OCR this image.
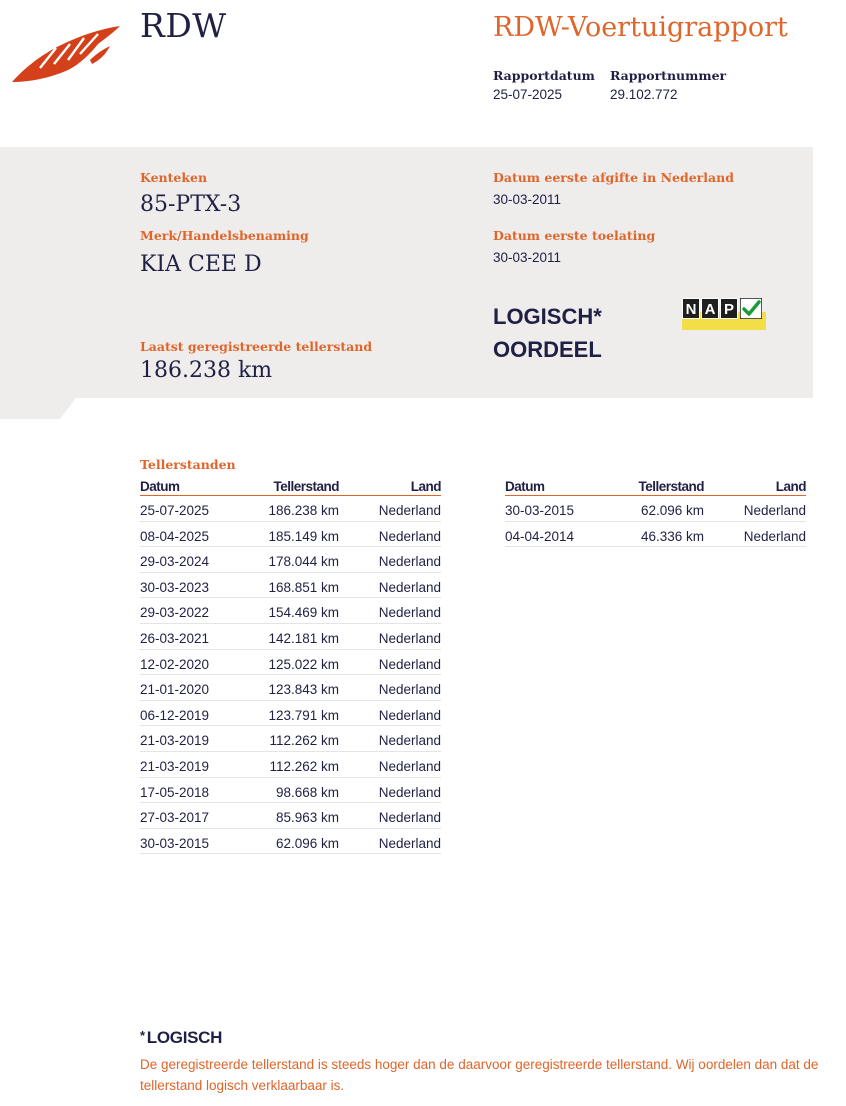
RDW	RDW-Voertuigrapport
Rapportdatum
25-07-2025
Rapportnummer
29.102.772
Kenteken
85-PTX-3
Merk/Handelsbenaming
KIA CEE D
Datum eerste afgifte in Nederland
30-03-2011
Datum eerste toelating
30-03-2011
Laatst geregistreerde tellerstand
186.238 km
LOGISCH*
OORDEEL
N A P
Tellerstanden
Datum	Tellerstand	Land
25-07-2025	186.238 km	Nederland
08-04-2025	185.149 km	Nederland
29-03-2024	178.044 km	Nederland
30-03-2023	168.851 km	Nederland
29-03-2022	154.469 km	Nederland
26-03-2021	142.181 km	Nederland
12-02-2020	125.022 km	Nederland
21-01-2020	123.843 km	Nederland
06-12-2019	123.791 km	Nederland
21-03-2019	112.262 km	Nederland
21-03-2019	112.262 km	Nederland
17-05-2018	98.668 km	Nederland
27-03-2017	85.963 km	Nederland
30-03-2015	62.096 km	Nederland
Datum	Tellerstand	Land
30-03-2015	62.096 km	Nederland
04-04-2014	46.336 km	Nederland
* LOGISCH
De geregistreerde tellerstand is steeds hoger dan de daarvoor geregistreerde tellerstand. Wij oordelen dan dat de tellerstand logisch verklaarbaar is.
